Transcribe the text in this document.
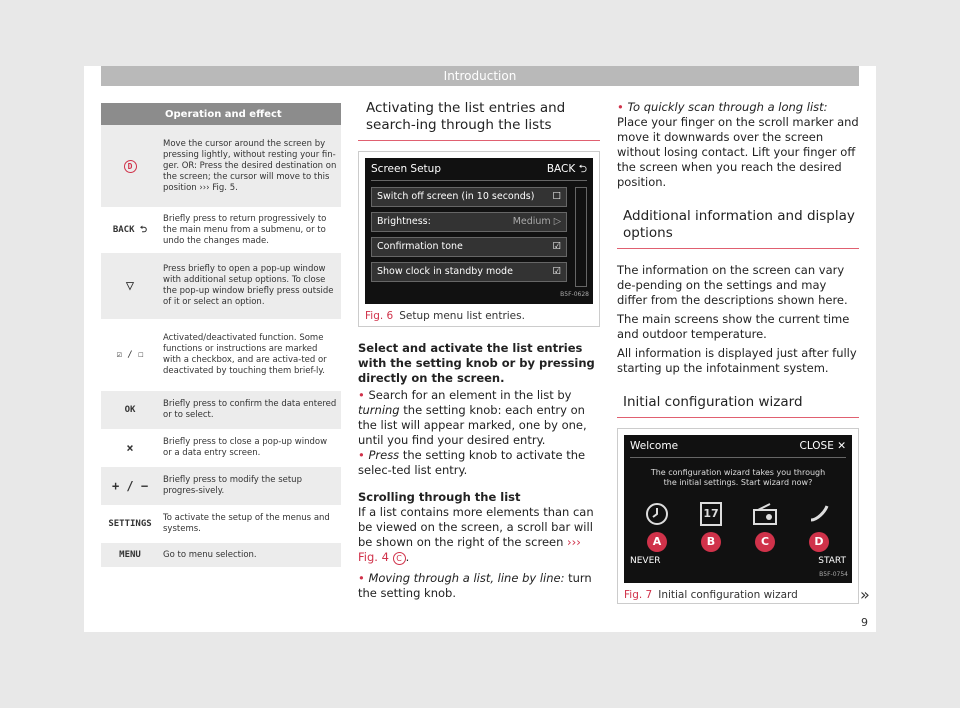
Introduction
	Operation and effect
D	Move the cursor around the screen by pressing lightly, without resting your fin-ger. OR: Press the desired destination on the screen; the cursor will move to this position ››› Fig. 5.
BACK ⮌	Briefly press to return progressively to the main menu from a submenu, or to undo the changes made.
▽	Press briefly to open a pop-up window with additional setup options. To close the pop-up window briefly press outside of it or select an option.
☑ / ☐	Activated/deactivated function. Some functions or instructions are marked with a checkbox, and are activa-ted or deactivated by touching them brief-ly.
OK	Briefly press to confirm the data entered or to select.
×	Briefly press to close a pop-up window or a data entry screen.
+ / −	Briefly press to modify the setup progres-sively.
SETTINGS	To activate the setup of the menus and systems.
MENU	Go to menu selection.
Activating the list entries and search-ing through the lists
Screen Setup	BACK ⮌
Switch off screen (in 10 seconds) ☐
Brightness:	Medium ▷
Confirmation tone	☑
Show clock in standby mode	☑
B5F-0628
Fig. 6 Setup menu list entries.

Select and activate the list entries with the setting knob or by pressing directly on the screen.

• Search for an element in the list by turning the setting knob: each entry on the list will appear marked, one by one, until you find your desired entry.

• Press the setting knob to activate the selec-ted list entry.

Scrolling through the list

If a list contains more elements than can be viewed on the screen, a scroll bar will be shown on the right of the screen ››› Fig. 4 C .

• Moving through a list, line by line: turn the setting knob.

• To quickly scan through a long list: Place your finger on the scroll marker and move it downwards over the screen without losing contact. Lift your finger off the screen when you reach the desired position.

Additional information and display options

The information on the screen can vary de-pending on the settings and may differ from the descriptions shown here.

The main screens show the current time and outdoor temperature.

All information is displayed just after fully starting up the infotainment system.

Initial configuration wizard
Welcome	CLOSE ✕
The configuration wizard takes you through the initial settings. Start wizard now?
17
A	B	C	D
NEVER	START
B5F-0754
Fig. 7 Initial configuration wizard	»
9
